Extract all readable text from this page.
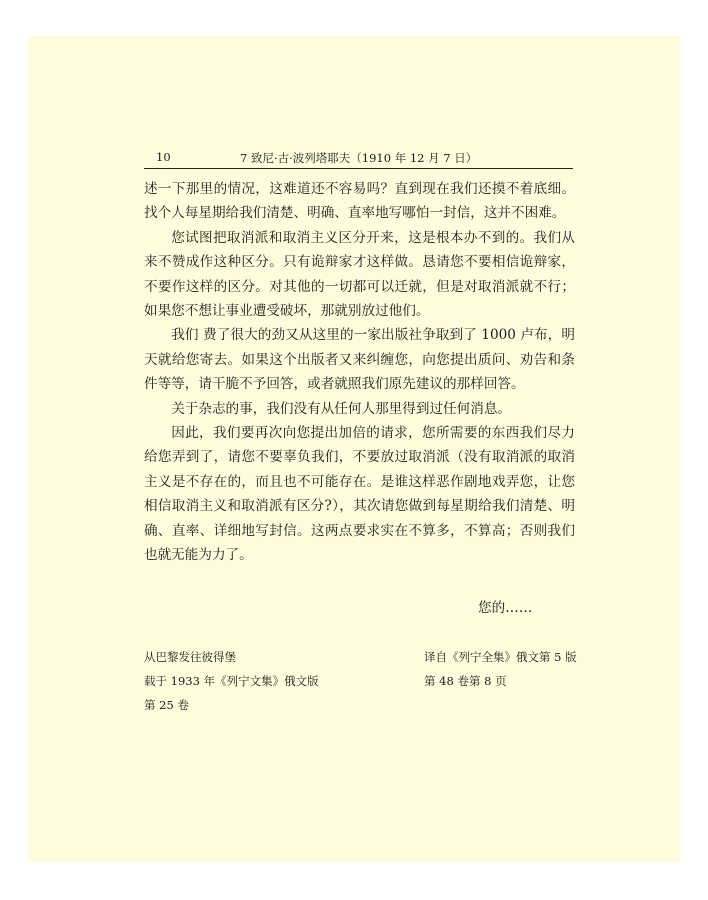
10	7 致尼·古·波列塔耶夫（1910 年 12 月 7 日）

述一下那里的情况，这难道还不容易吗？直到现在我们还摸不着底细。找个人每星期给我们清楚、明确、直率地写哪怕一封信，这并不困难。

您试图把取消派和取消主义区分开来，这是根本办不到的。我们从来不赞成作这种区分。只有诡辩家才这样做。恳请您不要相信诡辩家，不要作这样的区分。对其他的一切都可以迁就，但是对取消派就不行；如果您不想让事业遭受破坏，那就别放过他们。

我们 费了很大的劲又从这里的一家出版社争取到了 1000 卢布，明天就给您寄去。如果这个出版者又来纠缠您，向您提出质问、劝告和条件等等，请干脆不予回答，或者就照我们原先建议的那样回答。

关于杂志的事，我们没有从任何人那里得到过任何消息。

因此，我们要再次向您提出加倍的请求，您所需要的东西我们尽力给您弄到了，请您不要辜负我们，不要放过取消派（没有取消派的取消主义是不存在的，而且也不可能存在。是谁这样恶作剧地戏弄您，让您相信取消主义和取消派有区分?），其次请您做到每星期给我们清楚、明确、直率、详细地写封信。这两点要求实在不算多，不算高；否则我们也就无能为力了。

您的……
从巴黎发往彼得堡
载于 1933 年《列宁文集》俄文版
第 25 卷
译自《列宁全集》俄文第 5 版
第 48 卷第 8 页
